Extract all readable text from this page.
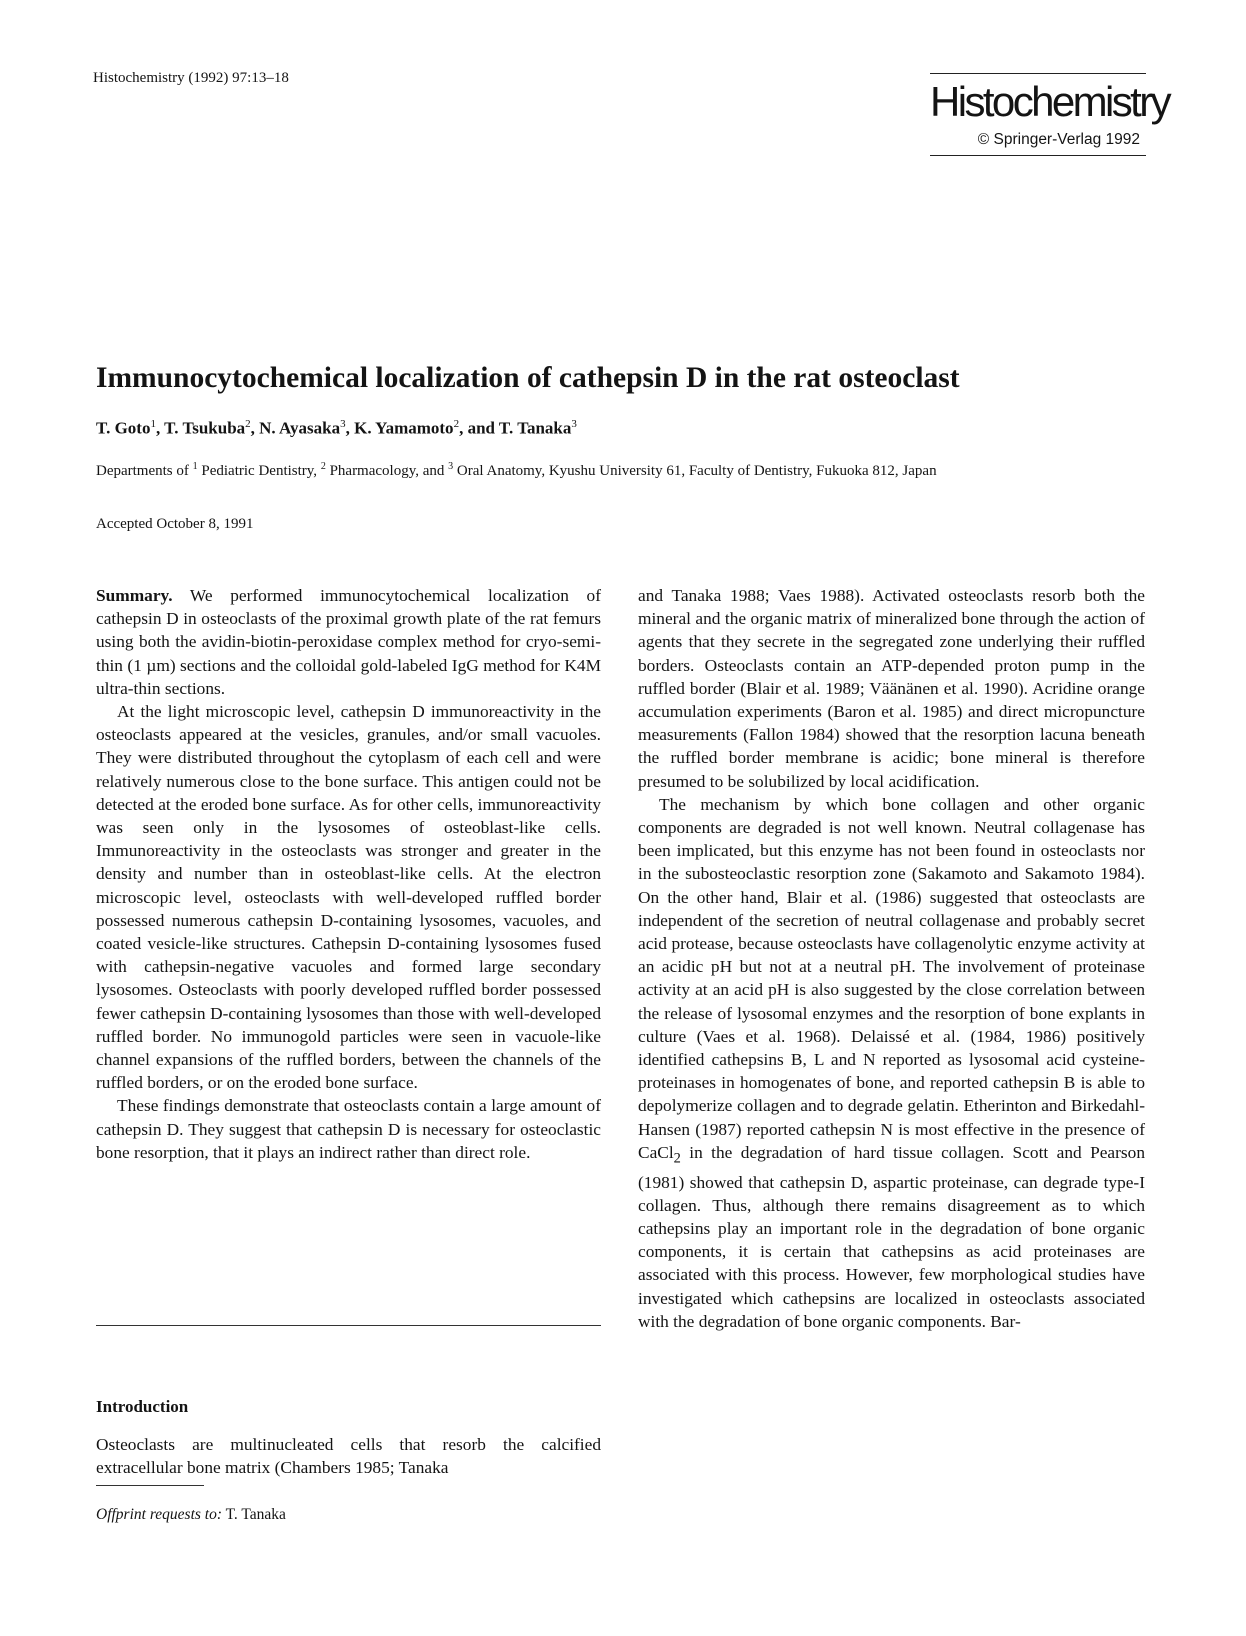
Histochemistry (1992) 97:13–18	Histochemistry
© Springer-Verlag 1992
Immunocytochemical localization of cathepsin D in the rat osteoclast
T. Goto$^1$, T. Tsukuba$^2$, N. Ayasaka$^3$, K. Yamamoto$^2$, and T. Tanaka$^3$
Departments of $^1$ Pediatric Dentistry, $^2$ Pharmacology, and $^3$ Oral Anatomy, Kyushu University 61, Faculty of Dentistry, Fukuoka 812, Japan
Accepted October 8, 1991

Summary. We performed immunocytochemical localization of cathepsin D in osteoclasts of the proximal growth plate of the rat femurs using both the avidin-biotin-peroxidase complex method for cryo-semi-thin (1 µm) sections and the colloidal gold-labeled IgG method for K4M ultra-thin sections.

At the light microscopic level, cathepsin D immunoreactivity in the osteoclasts appeared at the vesicles, granules, and/or small vacuoles. They were distributed throughout the cytoplasm of each cell and were relatively numerous close to the bone surface. This antigen could not be detected at the eroded bone surface. As for other cells, immunoreactivity was seen only in the lysosomes of osteoblast-like cells. Immunoreactivity in the osteoclasts was stronger and greater in the density and number than in osteoblast-like cells. At the electron microscopic level, osteoclasts with well-developed ruffled border possessed numerous cathepsin D-containing lysosomes, vacuoles, and coated vesicle-like structures. Cathepsin D-containing lysosomes fused with cathepsin-negative vacuoles and formed large secondary lysosomes. Osteoclasts with poorly developed ruffled border possessed fewer cathepsin D-containing lysosomes than those with well-developed ruffled border. No immunogold particles were seen in vacuole-like channel expansions of the ruffled borders, between the channels of the ruffled borders, or on the eroded bone surface.

These findings demonstrate that osteoclasts contain a large amount of cathepsin D. They suggest that cathepsin D is necessary for osteoclastic bone resorption, that it plays an indirect rather than direct role.

Introduction
Osteoclasts are multinucleated cells that resorb the calcified extracellular bone matrix (Chambers 1985; Tanaka
Offprint requests to: T. Tanaka

and Tanaka 1988; Vaes 1988). Activated osteoclasts resorb both the mineral and the organic matrix of mineralized bone through the action of agents that they secrete in the segregated zone underlying their ruffled borders. Osteoclasts contain an ATP-depended proton pump in the ruffled border (Blair et al. 1989; Väänänen et al. 1990). Acridine orange accumulation experiments (Baron et al. 1985) and direct micropuncture measurements (Fallon 1984) showed that the resorption lacuna beneath the ruffled border membrane is acidic; bone mineral is therefore presumed to be solubilized by local acidification.

The mechanism by which bone collagen and other organic components are degraded is not well known. Neutral collagenase has been implicated, but this enzyme has not been found in osteoclasts nor in the subosteoclastic resorption zone (Sakamoto and Sakamoto 1984). On the other hand, Blair et al. (1986) suggested that osteoclasts are independent of the secretion of neutral collagenase and probably secret acid protease, because osteoclasts have collagenolytic enzyme activity at an acidic pH but not at a neutral pH. The involvement of proteinase activity at an acid pH is also suggested by the close correlation between the release of lysosomal enzymes and the resorption of bone explants in culture (Vaes et al. 1968). Delaissé et al. (1984, 1986) positively identified cathepsins B, L and N reported as lysosomal acid cysteine-proteinases in homogenates of bone, and reported cathepsin B is able to depolymerize collagen and to degrade gelatin. Etherinton and Birkedahl-Hansen (1987) reported cathepsin N is most effective in the presence of CaCl$_2$ in the degradation of hard tissue collagen. Scott and Pearson (1981) showed that cathepsin D, aspartic proteinase, can degrade type-I collagen. Thus, although there remains disagreement as to which cathepsins play an important role in the degradation of bone organic components, it is certain that cathepsins as acid proteinases are associated with this process. However, few morphological studies have investigated which cathepsins are localized in osteoclasts associated with the degradation of bone organic components. Bar-
